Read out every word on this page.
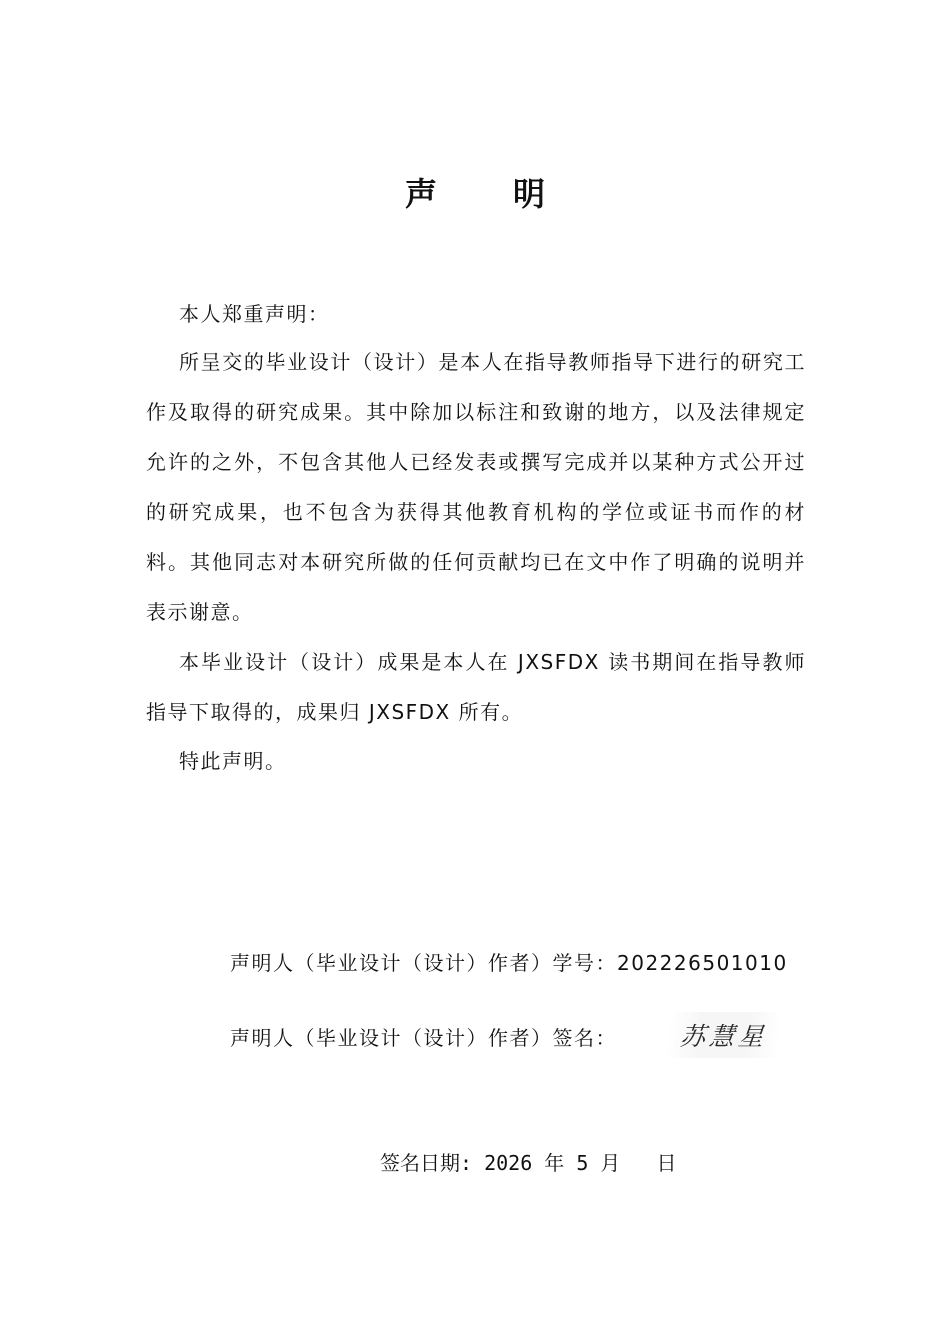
声 明
本人郑重声明：
所呈交的毕业设计（设计）是本人在指导教师指导下进行的研究工作及取得的研究成果。其中除加以标注和致谢的地方，以及法律规定允许的之外，不包含其他人已经发表或撰写完成并以某种方式公开过的研究成果，也不包含为获得其他教育机构的学位或证书而作的材料。其他同志对本研究所做的任何贡献均已在文中作了明确的说明并表示谢意。
本毕业设计（设计）成果是本人在 JXSFDX 读书期间在指导教师指导下取得的，成果归 JXSFDX 所有。
特此声明。
声明人（毕业设计（设计）作者）学号：202226501010
声明人（毕业设计（设计）作者）签名：	苏慧星
签名日期: 2026 年 5 月   日
